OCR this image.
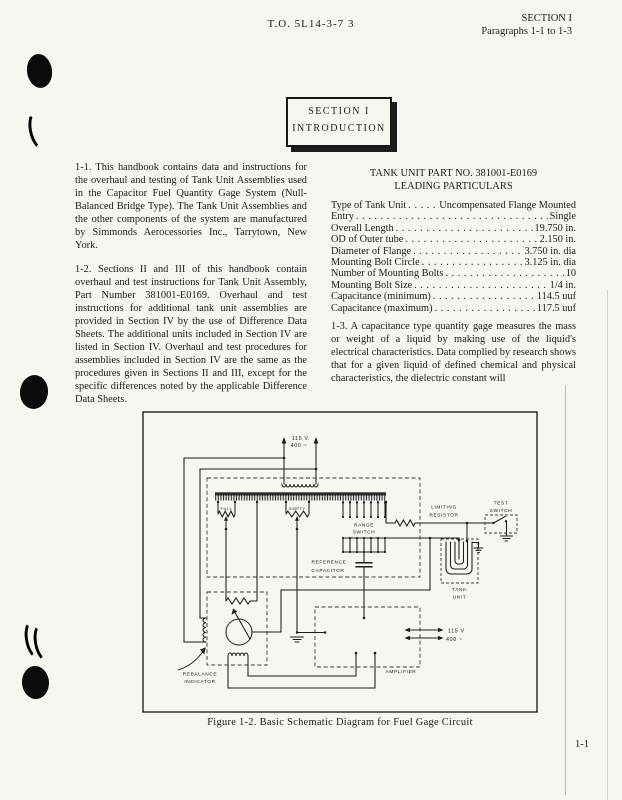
T.O. 5L14-3-7 3	SECTION I
Paragraphs 1-1 to 1-3
SECTION I
INTRODUCTION

1-1. This handbook contains data and instructions for the overhaul and testing of Tank Unit Assemblies used in the Capacitor Fuel Quantity Gage System (Null-Balanced Bridge Type). The Tank Unit Assemblies and the other components of the system are manufactured by Simmonds Aerocessories Inc., Tarrytown, New York.

1-2. Sections II and III of this handbook contain overhaul and test instructions for Tank Unit Assembly, Part Number 381001-E0169. Overhaul and test instructions for additional tank unit assemblies are provided in Section IV by the use of Difference Data Sheets. The additional units included in Section IV are listed in Section IV. Overhaul and test procedures for assemblies included in Section IV are the same as the procedures given in Sections II and III, except for the specific differences noted by the applicable Difference Data Sheets.

TANK UNIT PART NO. 381001-E0169
LEADING PARTICULARS
Type of Tank Unit . . .	Uncompensated Flange Mounted
Entry . . .	Single
Overall Length . . .	19.750 in.
OD of Outer tube . . .	2.150 in.
Diameter of Flange . . .	3.750 in. dia
Mounting Bolt Circle . . .	3.125 in. dia
Number of Mounting Bolts . . .	10
Mounting Bolt Size . . .	1/4 in.
Capacitance (minimum) . . .	114.5 uuf
Capacitance (maximum) . . .	117.5 uuf

1-3. A capacitance type quantity gage measures the mass or weight of a liquid by making use of the liquid's electrical characteristics. Data complied by research shows that for a given liquid of defined chemical and physical characteristics, the dielectric constant will

115 V.
400 ~
FULL	EMPTY
RANGE
SWITCH
REFERENCE
CAPACITOR
LIMITING
RESISTOR
TEST
SWITCH
TANK
UNIT
REBALANCE
INDICATOR
AMPLIFIER
115 V
400 ~
Figure 1-2. Basic Schematic Diagram for Fuel Gage Circuit
1-1
